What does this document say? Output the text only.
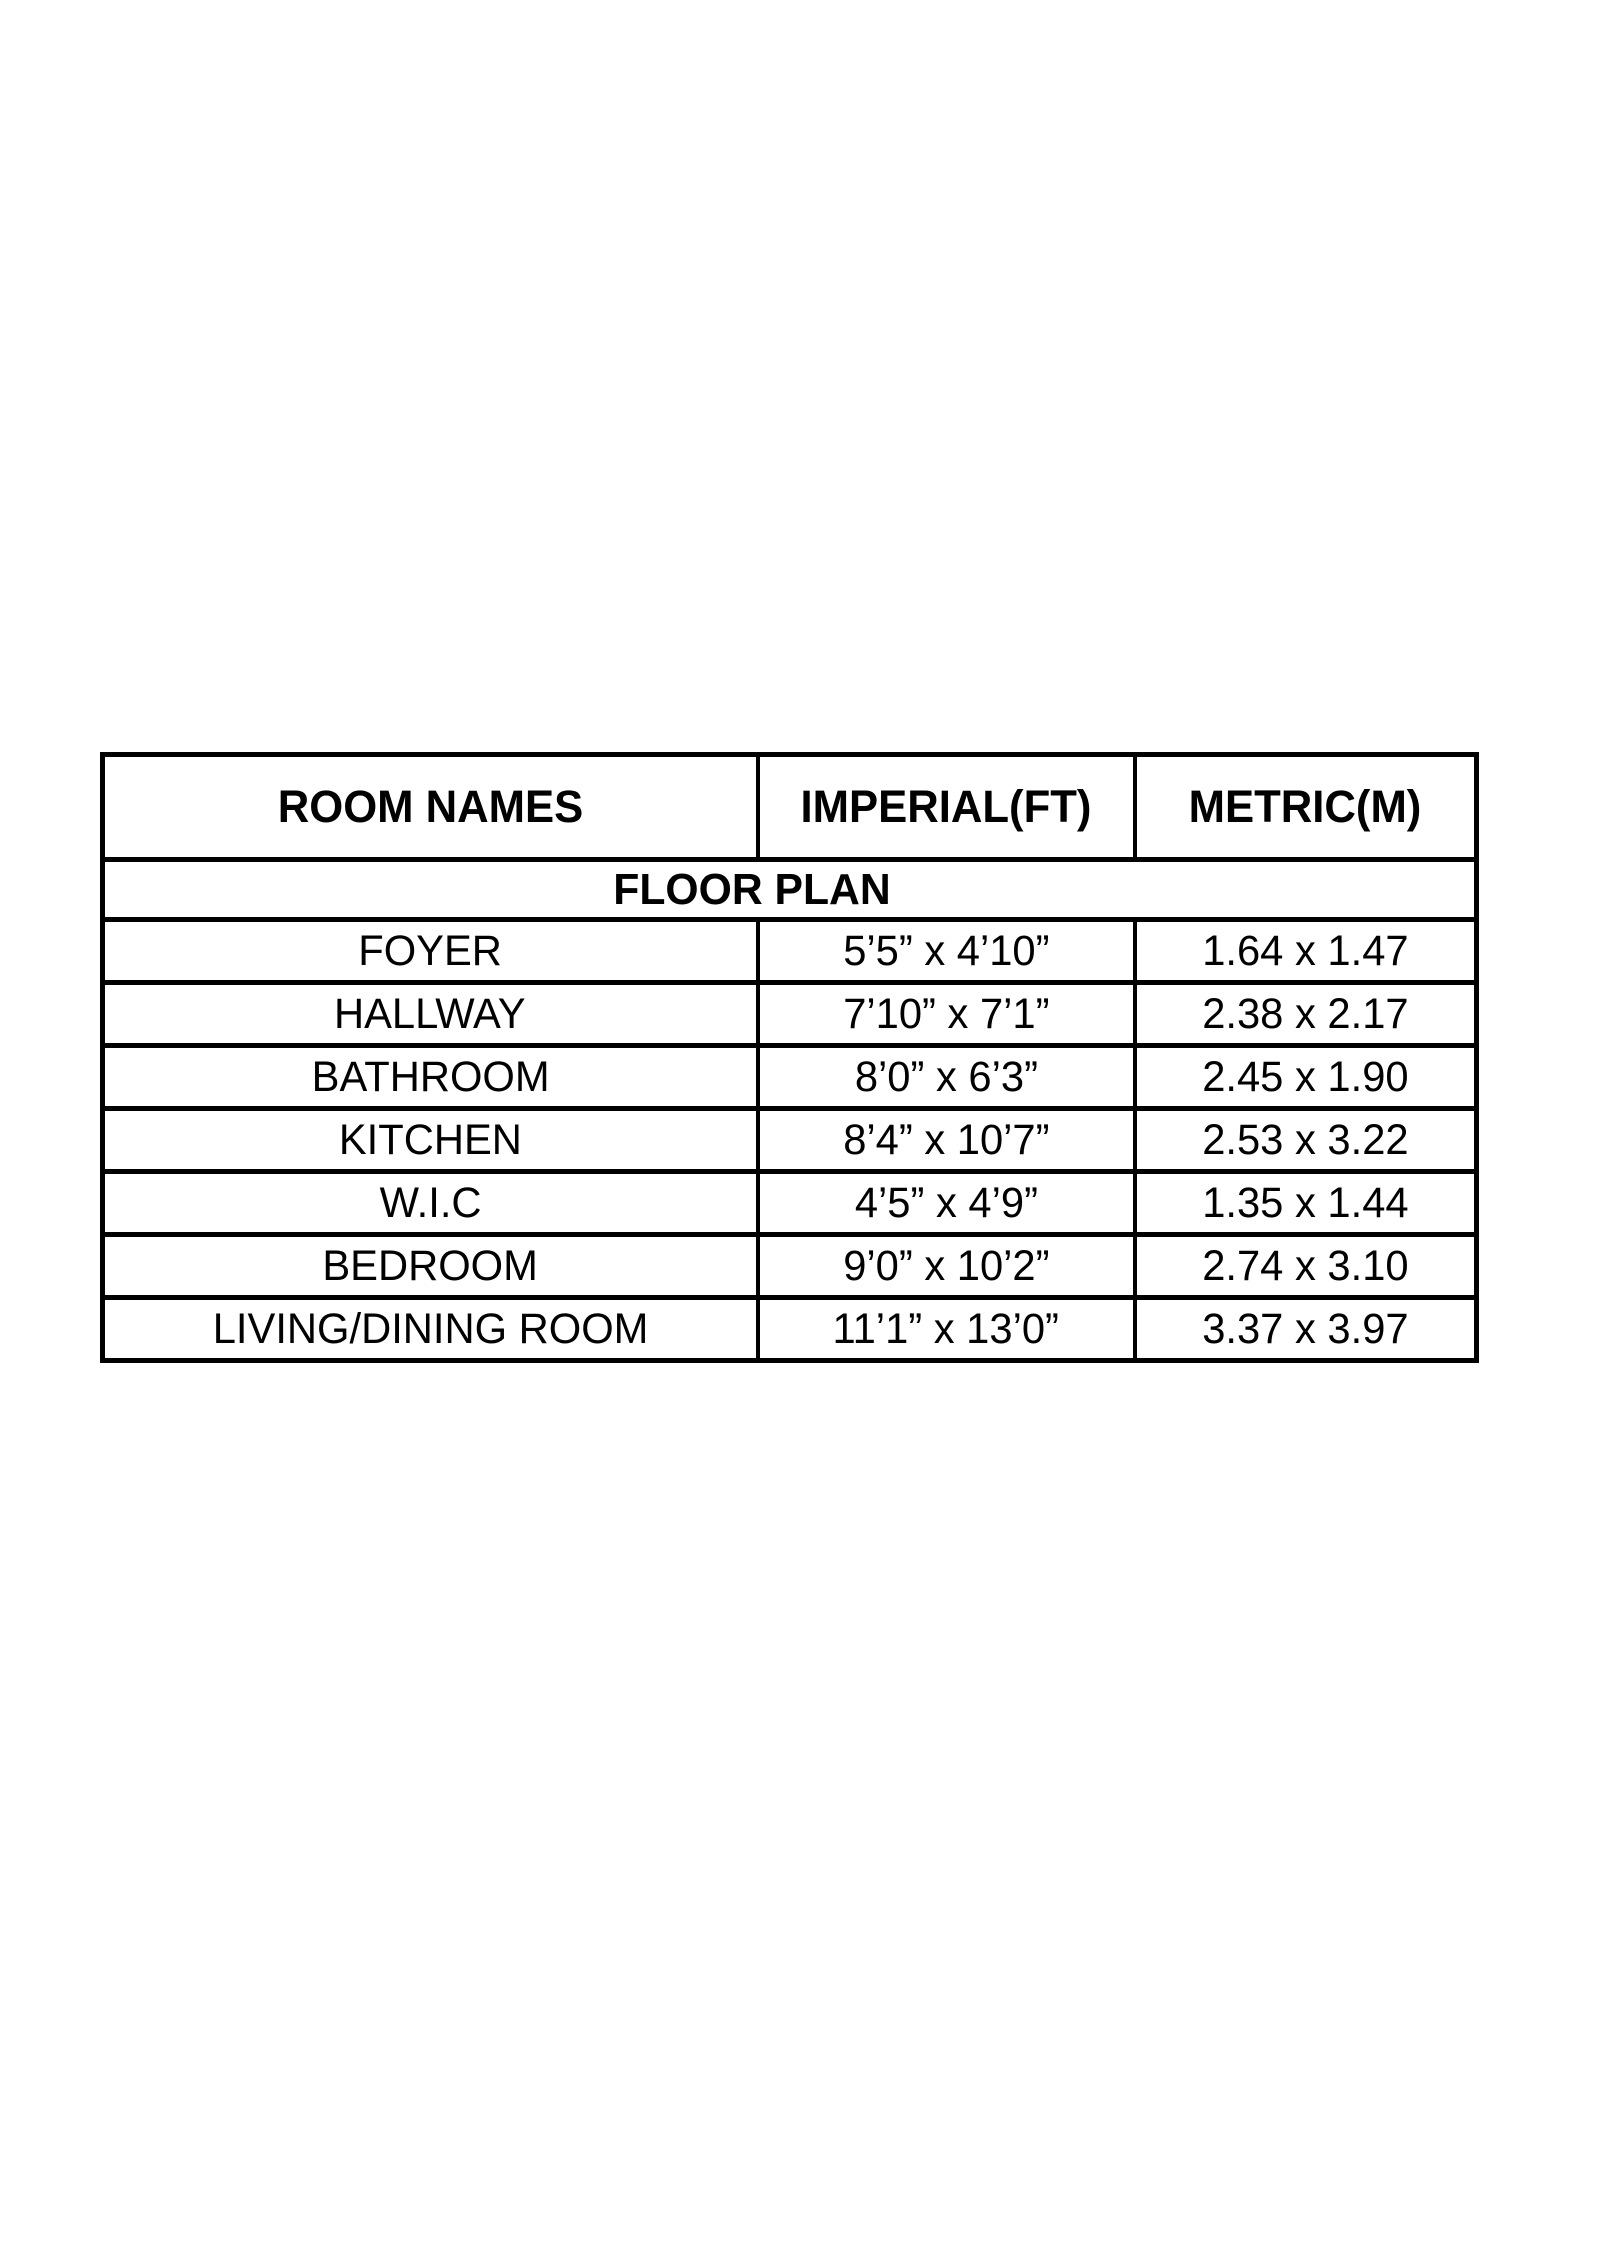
ROOM NAMES	IMPERIAL(FT)	METRIC(M)
FLOOR PLAN		
FOYER	5’5” x 4’10”	1.64 x 1.47
HALLWAY	7’10” x 7’1”	2.38 x 2.17
BATHROOM	8’0” x 6’3”	2.45 x 1.90
KITCHEN	8’4” x 10’7”	2.53 x 3.22
W.I.C	4’5” x 4’9”	1.35 x 1.44
BEDROOM	9’0” x 10’2”	2.74 x 3.10
LIVING/DINING ROOM	11’1” x 13’0”	3.37 x 3.97
